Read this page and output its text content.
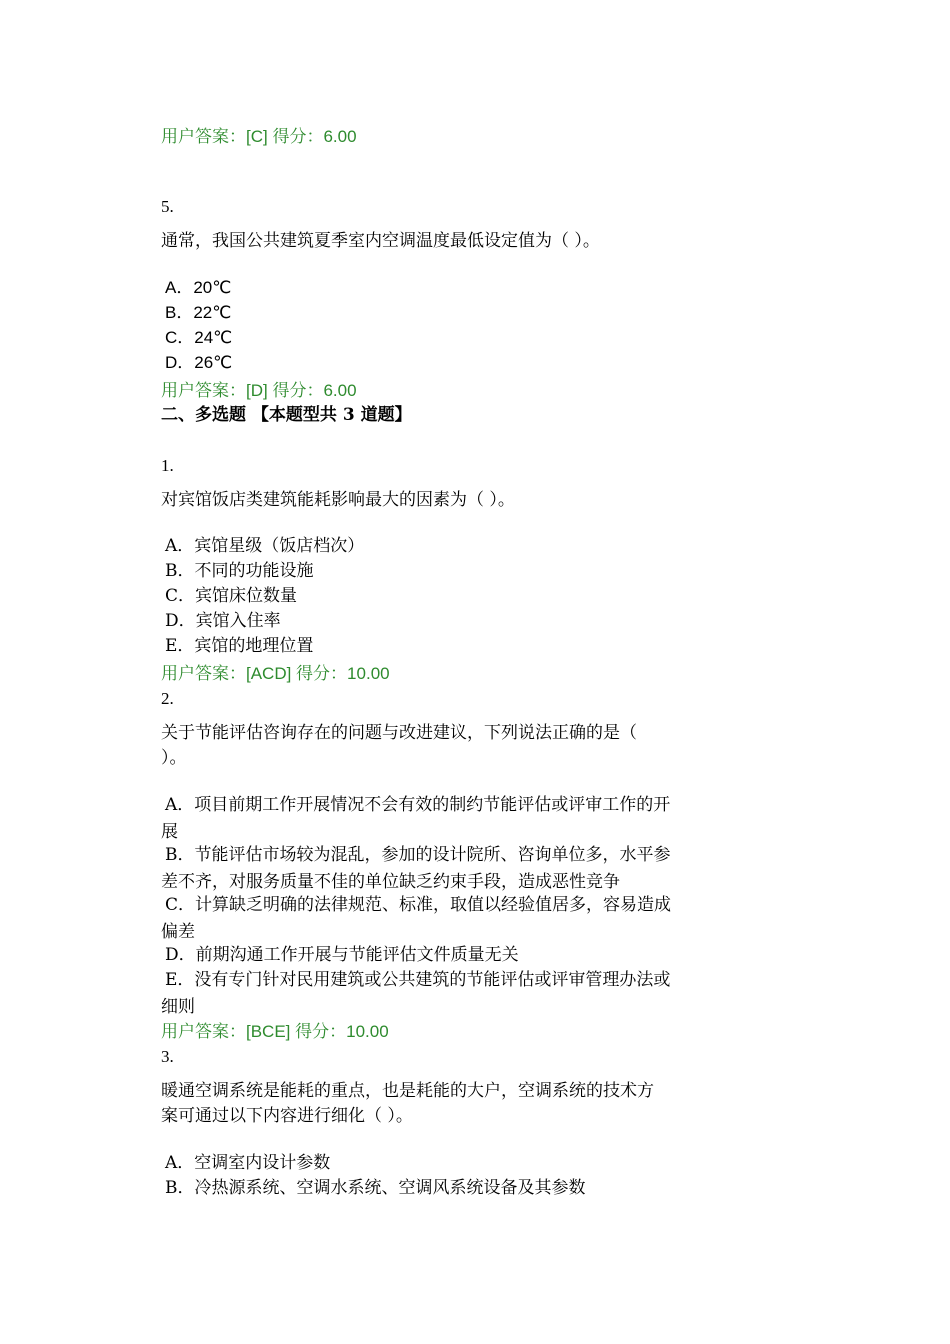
用户答案：[C] 得分：6.00
5.
通常，我国公共建筑夏季室内空调温度最低设定值为（ ）。
A．20℃
B．22℃
C．24℃
D．26℃
用户答案：[D] 得分：6.00
二、多选题 【本题型共 3 道题】
1.
对宾馆饭店类建筑能耗影响最大的因素为（ ）。
A．宾馆星级（饭店档次）
B．不同的功能设施
C．宾馆床位数量
D．宾馆入住率
E．宾馆的地理位置
用户答案：[ACD] 得分：10.00
2.
关于节能评估咨询存在的问题与改进建议，下列说法正确的是（
）。
A．项目前期工作开展情况不会有效的制约节能评估或评审工作的开
展
B．节能评估市场较为混乱，参加的设计院所、咨询单位多，水平参
差不齐，对服务质量不佳的单位缺乏约束手段，造成恶性竞争
C．计算缺乏明确的法律规范、标准，取值以经验值居多，容易造成
偏差
D．前期沟通工作开展与节能评估文件质量无关
E．没有专门针对民用建筑或公共建筑的节能评估或评审管理办法或
细则
用户答案：[BCE] 得分：10.00
3.
暖通空调系统是能耗的重点，也是耗能的大户，空调系统的技术方
案可通过以下内容进行细化（ ）。
A．空调室内设计参数
B．冷热源系统、空调水系统、空调风系统设备及其参数
